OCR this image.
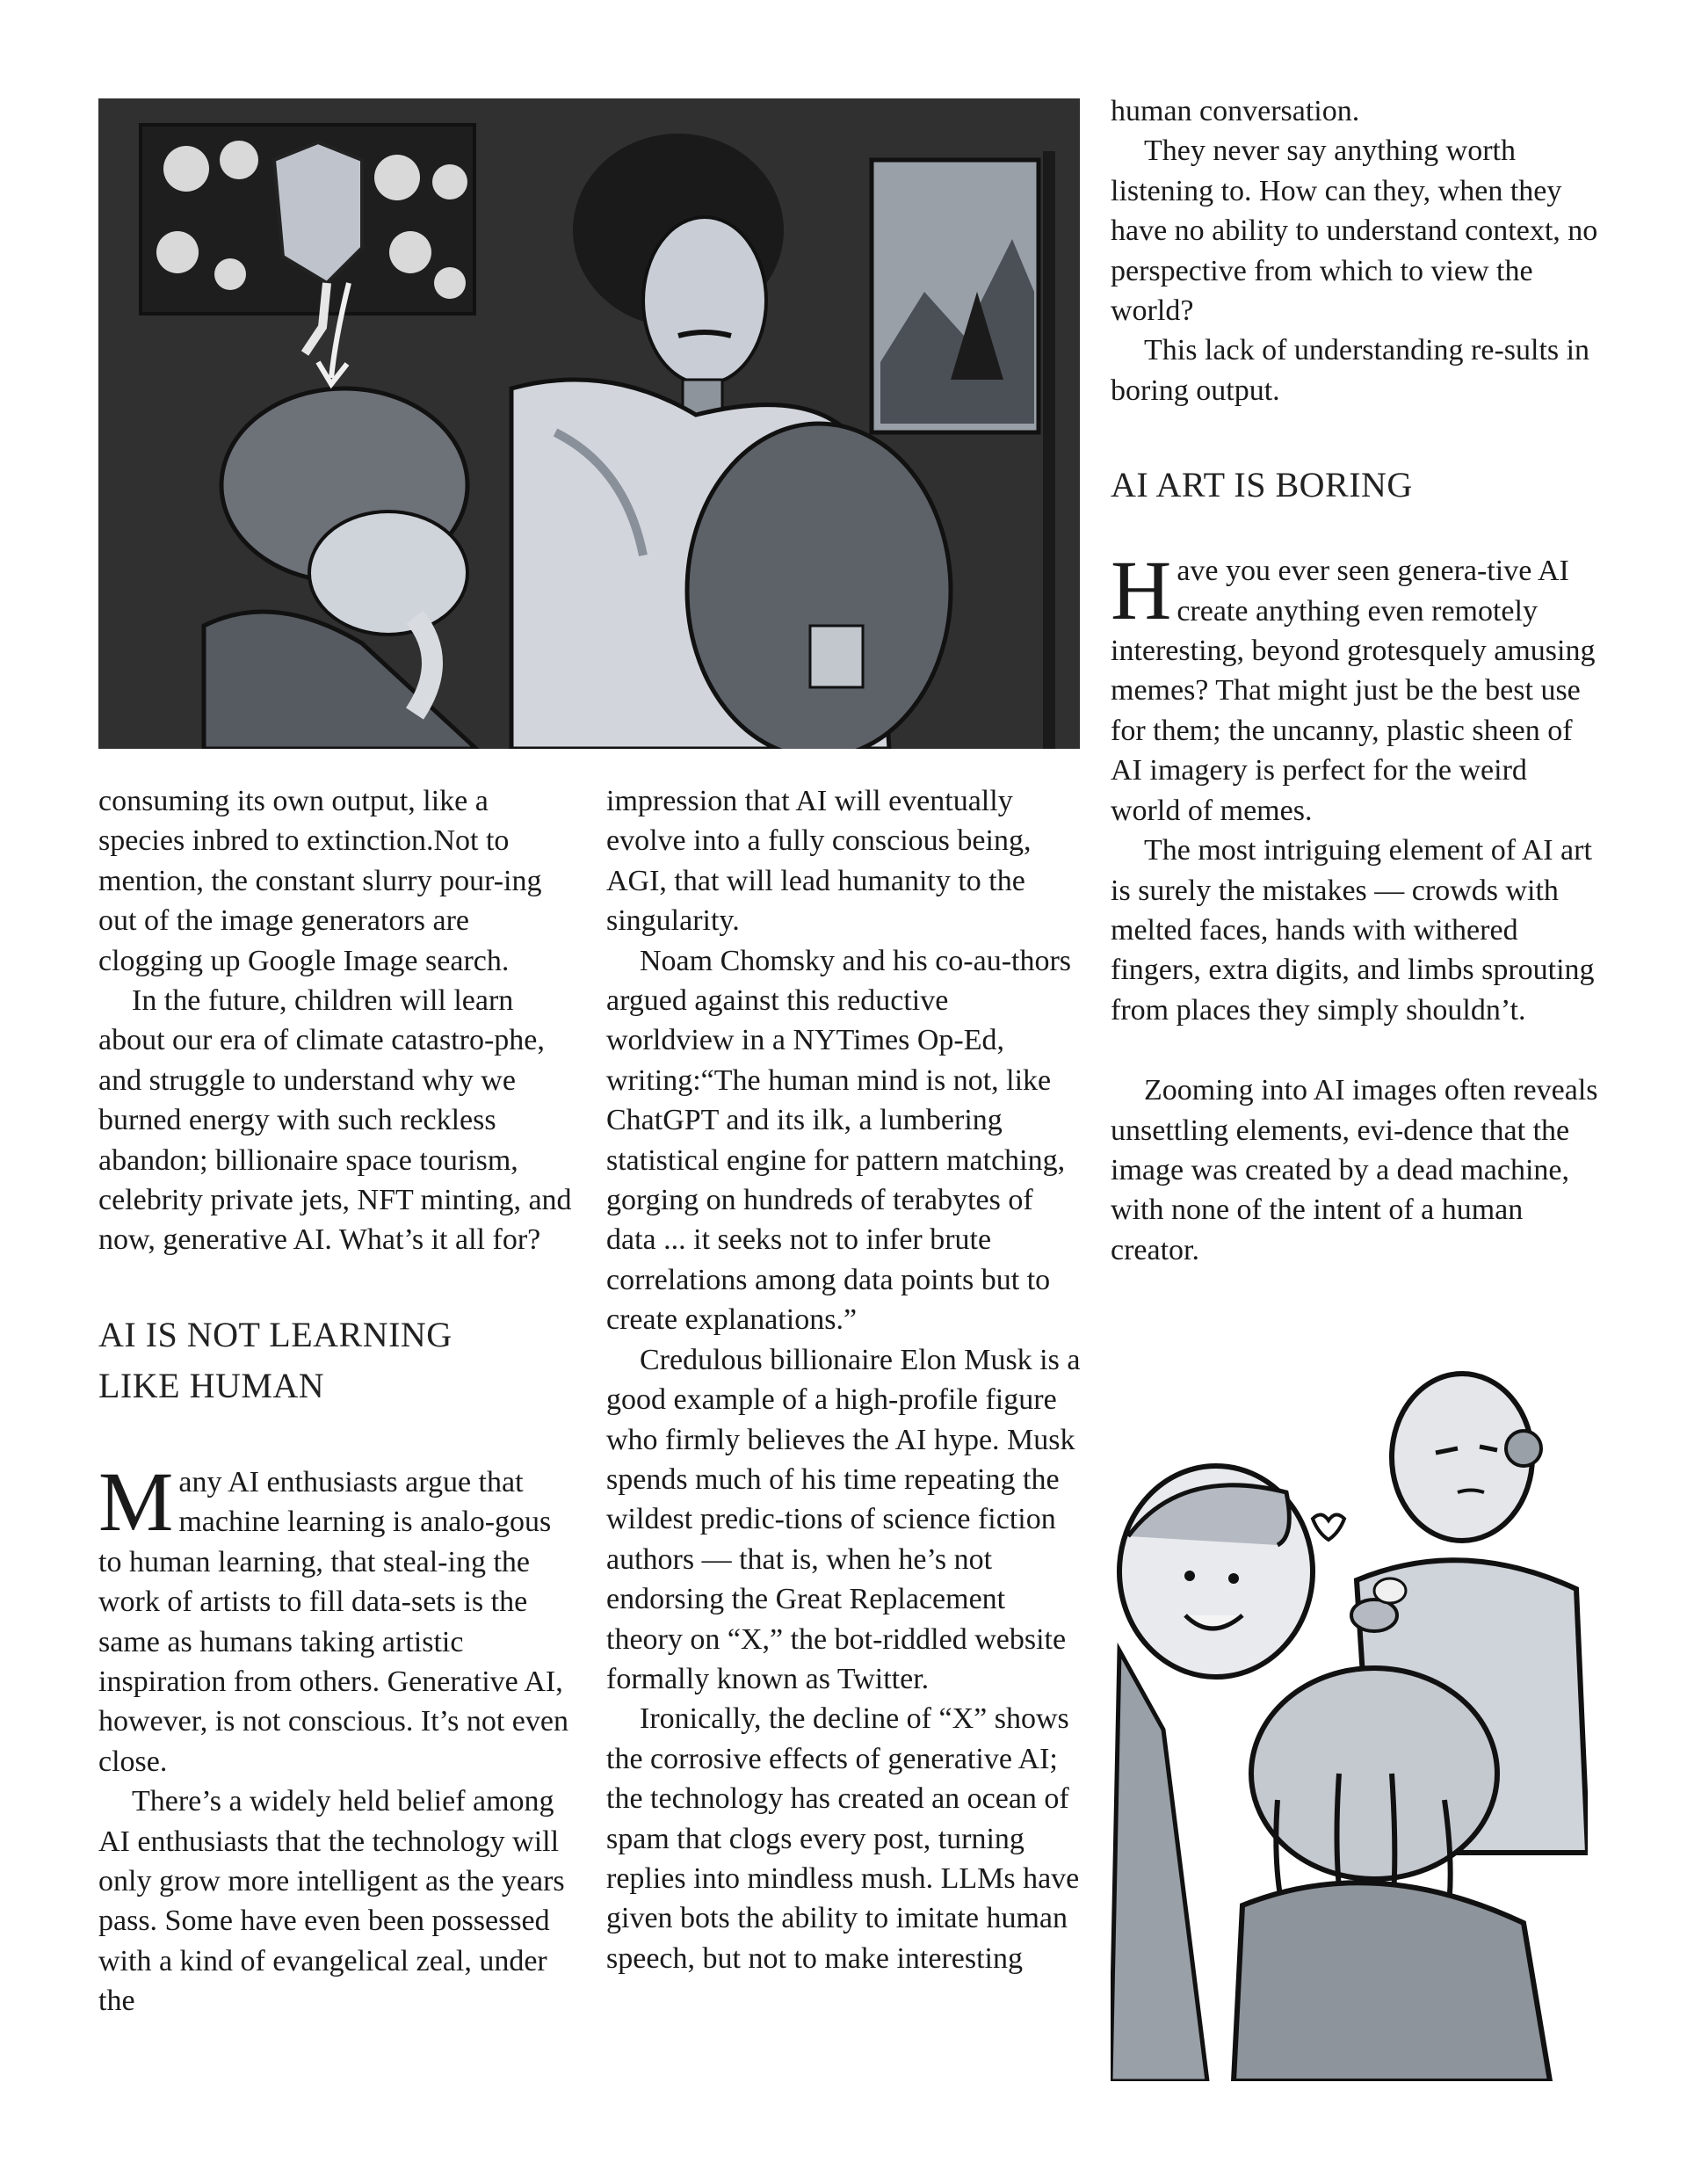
consuming its own output, like a species inbred to extinction.Not to mention, the constant slurry pour-ing out of the image generators are clogging up Google Image search.

In the future, children will learn about our era of climate catastro-phe, and struggle to understand why we burned energy with such reckless abandon; billionaire space tourism, celebrity private jets, NFT minting, and now, generative AI. What’s it all for?

AI IS NOT LEARNING
LIKE HUMAN

M any AI enthusiasts argue that machine learning is analo-gous to human learning, that steal-ing the work of artists to fill data-sets is the same as humans taking artistic inspiration from others. Generative AI, however, is not conscious. It’s not even close.

There’s a widely held belief among AI enthusiasts that the technology will only grow more intelligent as the years pass. Some have even been possessed with a kind of evangelical zeal, under the

impression that AI will eventually evolve into a fully conscious being, AGI, that will lead humanity to the singularity.

Noam Chomsky and his co-au-thors argued against this reductive worldview in a NYTimes Op-Ed, writing:“The human mind is not, like ChatGPT and its ilk, a lumbering statistical engine for pattern matching, gorging on hundreds of terabytes of data ... it seeks not to infer brute correlations among data points but to create explanations.”

Credulous billionaire Elon Musk is a good example of a high-profile figure who firmly believes the AI hype. Musk spends much of his time repeating the wildest predic-tions of science fiction authors — that is, when he’s not endorsing the Great Replacement theory on “X,” the bot-riddled website formally known as Twitter.

Ironically, the decline of “X” shows the corrosive effects of generative AI; the technology has created an ocean of spam that clogs every post, turning replies into mindless mush. LLMs have given bots the ability to imitate human speech, but not to make interesting

human conversation.

They never say anything worth listening to. How can they, when they have no ability to understand context, no perspective from which to view the world?

This lack of understanding re-sults in boring output.

AI ART IS BORING

H ave you ever seen genera-tive AI create anything even remotely interesting, beyond grotesquely amusing memes? That might just be the best use for them; the uncanny, plastic sheen of AI imagery is perfect for the weird world of memes.

The most intriguing element of AI art is surely the mistakes — crowds with melted faces, hands with withered fingers, extra digits, and limbs sprouting from places they simply shouldn’t.

Zooming into AI images often reveals unsettling elements, evi-dence that the image was created by a dead machine, with none of the intent of a human creator.
